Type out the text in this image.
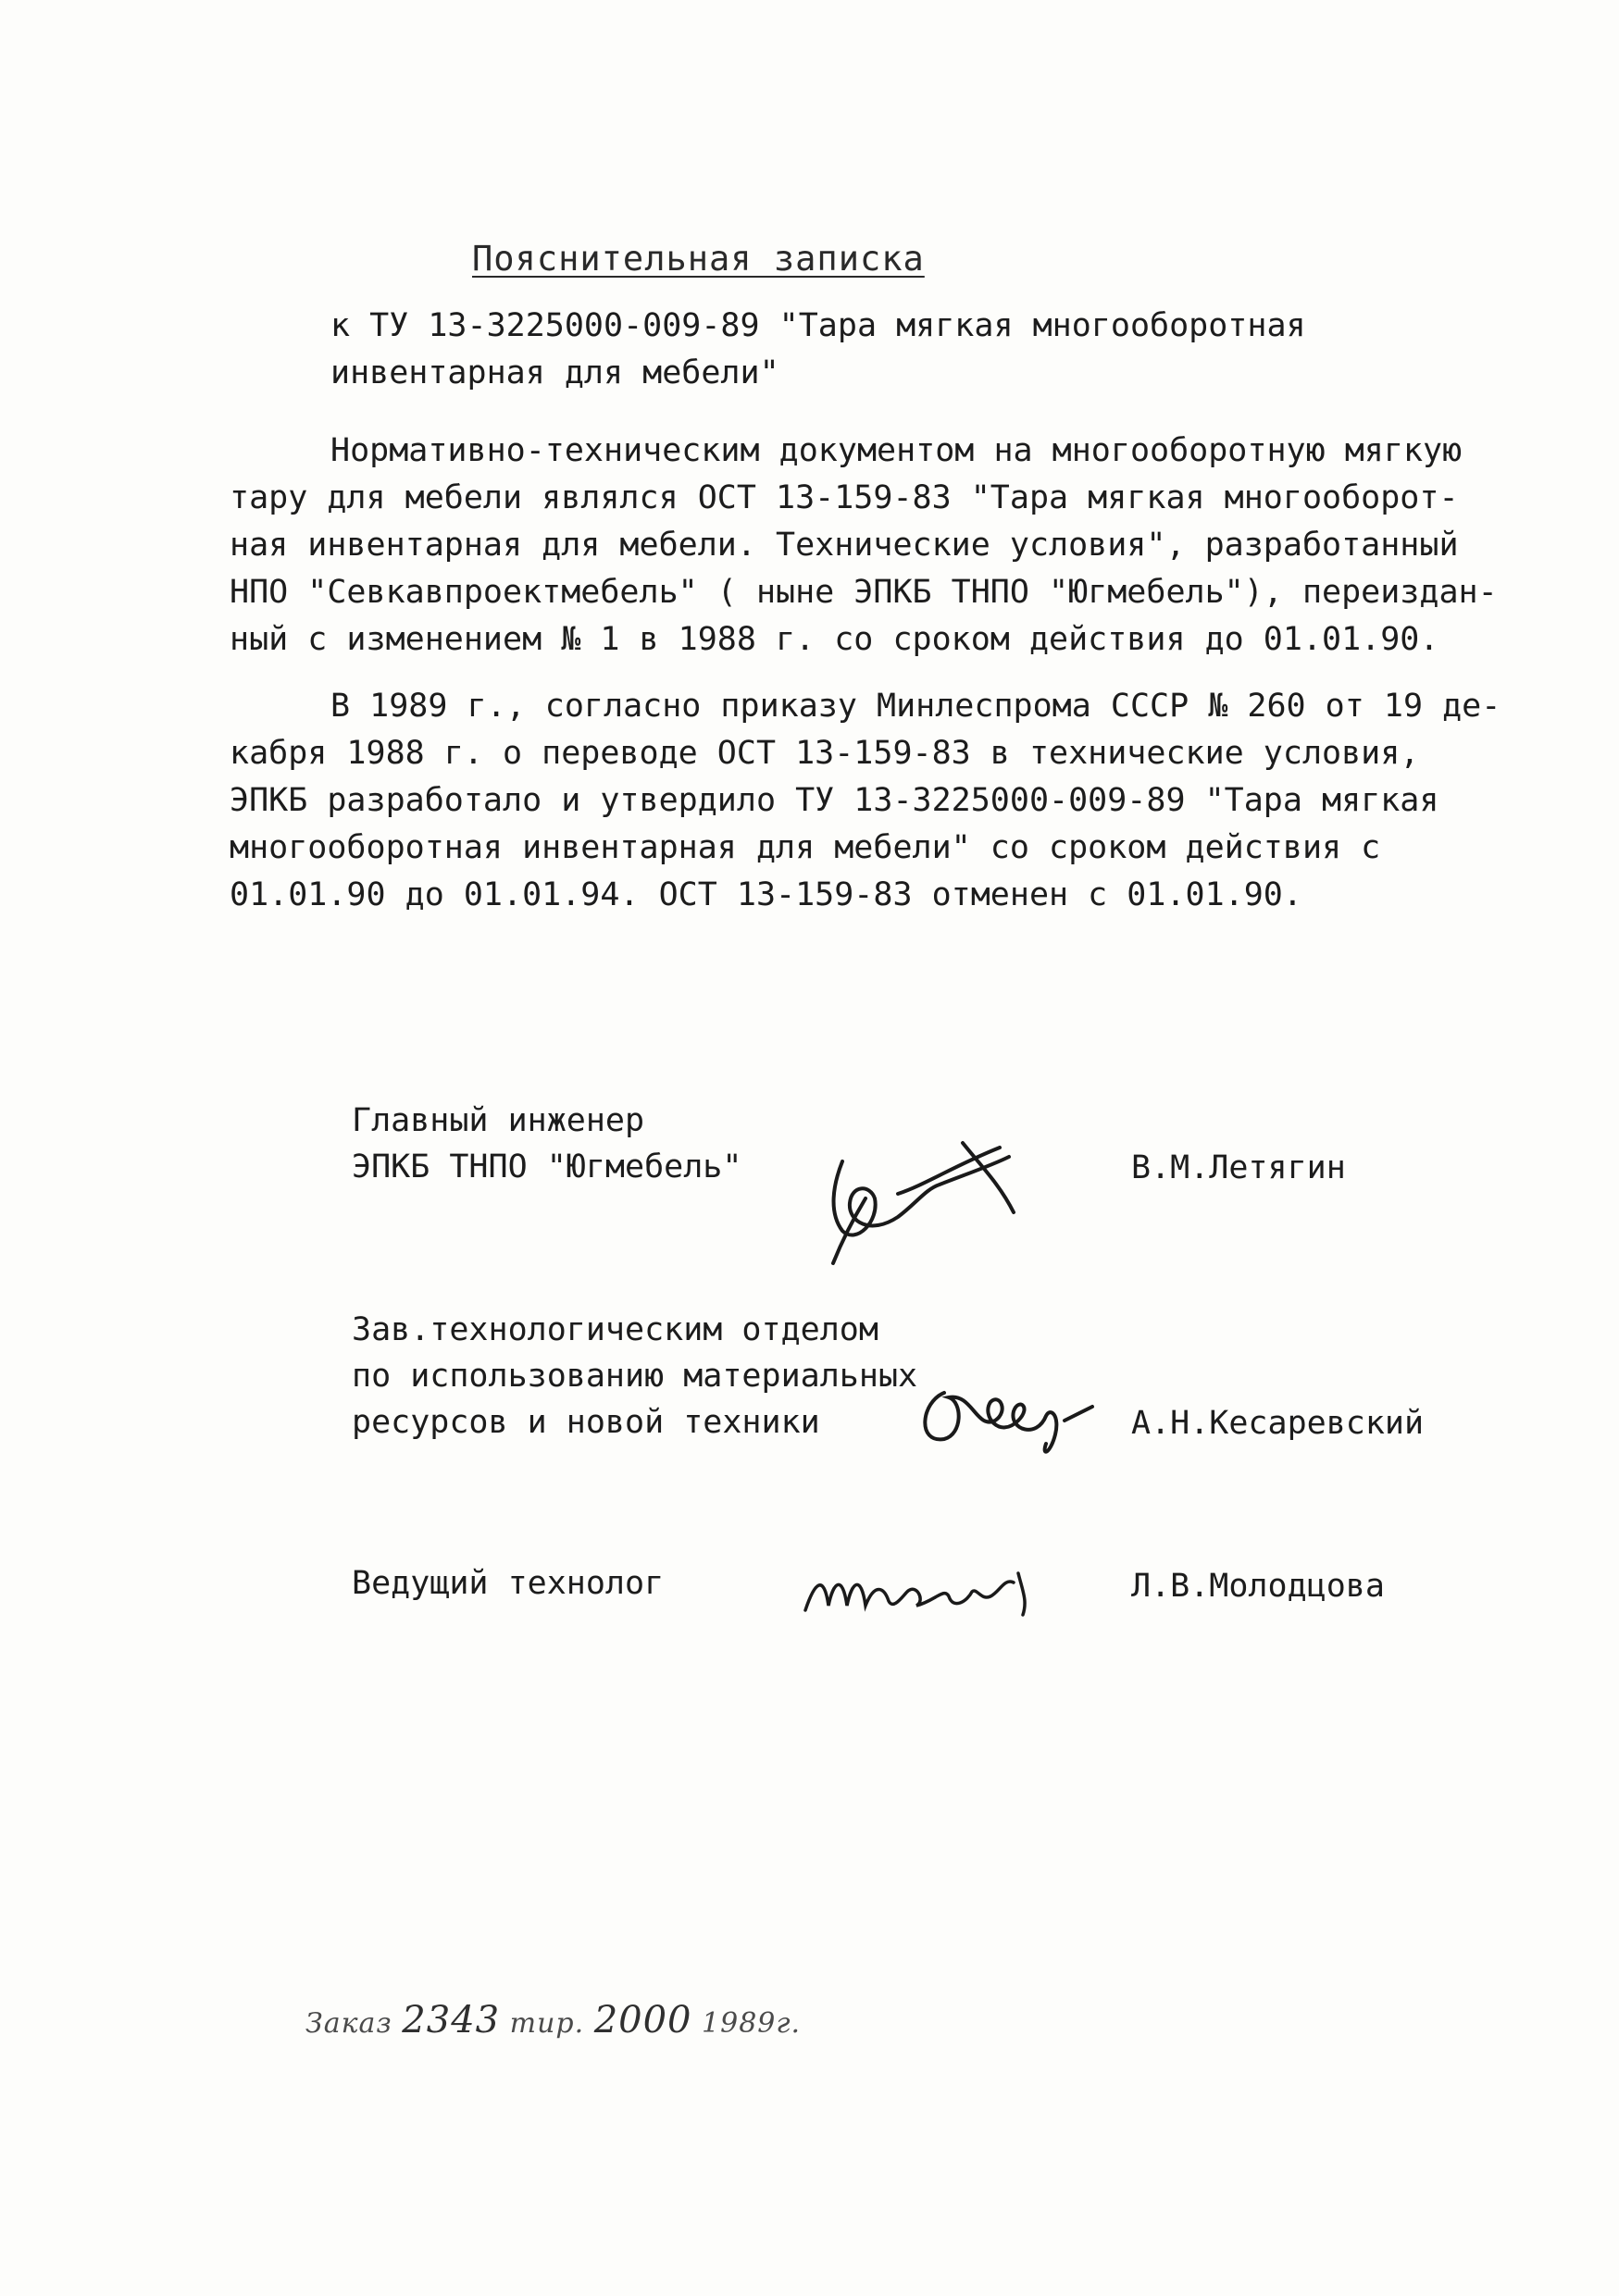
Пояснительная записка
к ТУ 13-3225000-009-89 "Тара мягкая многооборотная
инвентарная для мебели"
Нормативно-техническим документом на многооборотную мягкую
тару для мебели являлся ОСТ 13-159-83 "Тара мягкая многооборот-
ная инвентарная для мебели. Технические условия", разработанный
НПО "Севкавпроектмебель" ( ныне ЭПКБ ТНПО "Югмебель"), переиздан-
ный с изменением № 1 в 1988 г. со сроком действия до 01.01.90.
В 1989 г., согласно приказу Минлеспрома СССР № 260 от 19 де-
кабря 1988 г. о переводе ОСТ 13-159-83 в технические условия,
ЭПКБ разработало и утвердило ТУ 13-3225000-009-89 "Тара мягкая
многооборотная инвентарная для мебели" со сроком действия с
01.01.90 до 01.01.94. ОСТ 13-159-83 отменен с 01.01.90.
Главный инженер
ЭПКБ ТНПО "Югмебель"	В.М.Летягин
Зав.технологическим отделом
по использованию материальных
ресурсов и новой техники	А.Н.Кесаревский
Ведущий технолог	Л.В.Молодцова
Заказ 2343 тир. 2000 1989г.
